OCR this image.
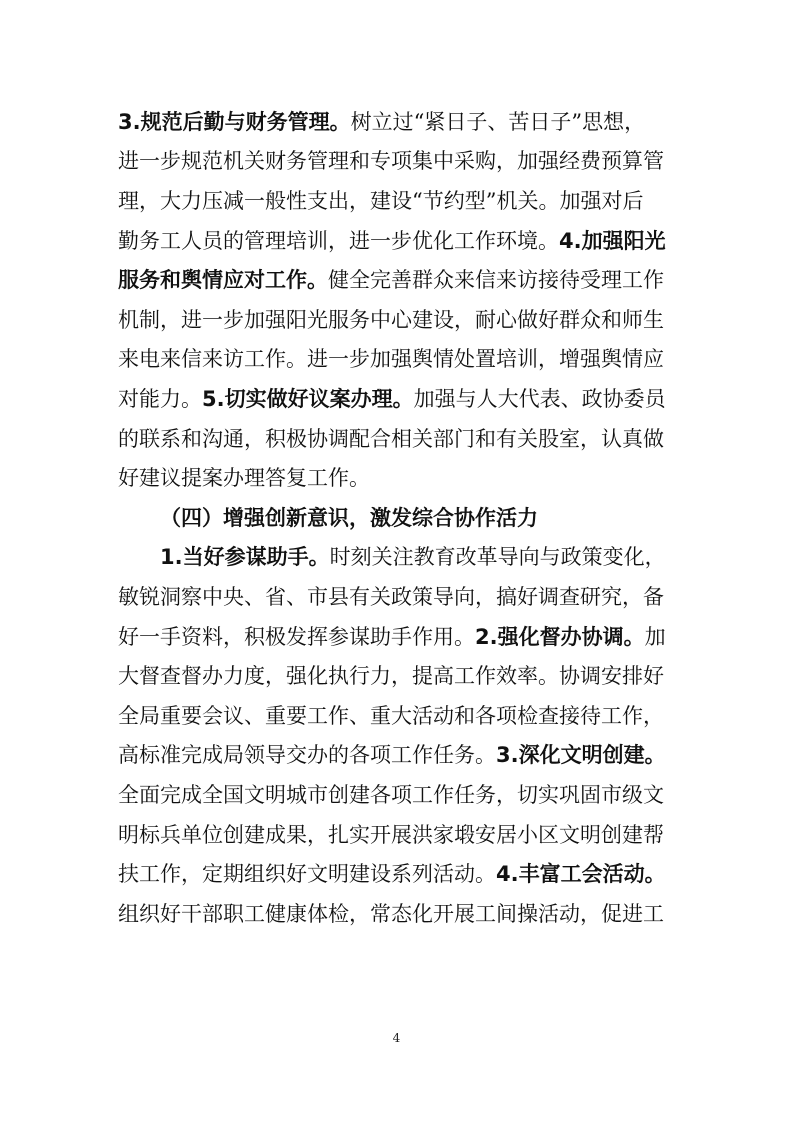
3.规范后勤与财务管理。树立过“紧日子、苦日子”思想，
进一步规范机关财务管理和专项集中采购，加强经费预算管
理，大力压减一般性支出，建设“节约型”机关。加强对后
勤务工人员的管理培训，进一步优化工作环境。4.加强阳光
服务和舆情应对工作。健全完善群众来信来访接待受理工作
机制，进一步加强阳光服务中心建设，耐心做好群众和师生
来电来信来访工作。进一步加强舆情处置培训，增强舆情应
对能力。5.切实做好议案办理。加强与人大代表、政协委员
的联系和沟通，积极协调配合相关部门和有关股室，认真做
好建议提案办理答复工作。
（四）增强创新意识，激发综合协作活力
1.当好参谋助手。时刻关注教育改革导向与政策变化，
敏锐洞察中央、省、市县有关政策导向，搞好调查研究，备
好一手资料，积极发挥参谋助手作用。2.强化督办协调。加
大督查督办力度，强化执行力，提高工作效率。协调安排好
全局重要会议、重要工作、重大活动和各项检查接待工作，
高标准完成局领导交办的各项工作任务。3.深化文明创建。
全面完成全国文明城市创建各项工作任务，切实巩固市级文
明标兵单位创建成果，扎实开展洪家塅安居小区文明创建帮
扶工作，定期组织好文明建设系列活动。4.丰富工会活动。
组织好干部职工健康体检，常态化开展工间操活动，促进工
4
